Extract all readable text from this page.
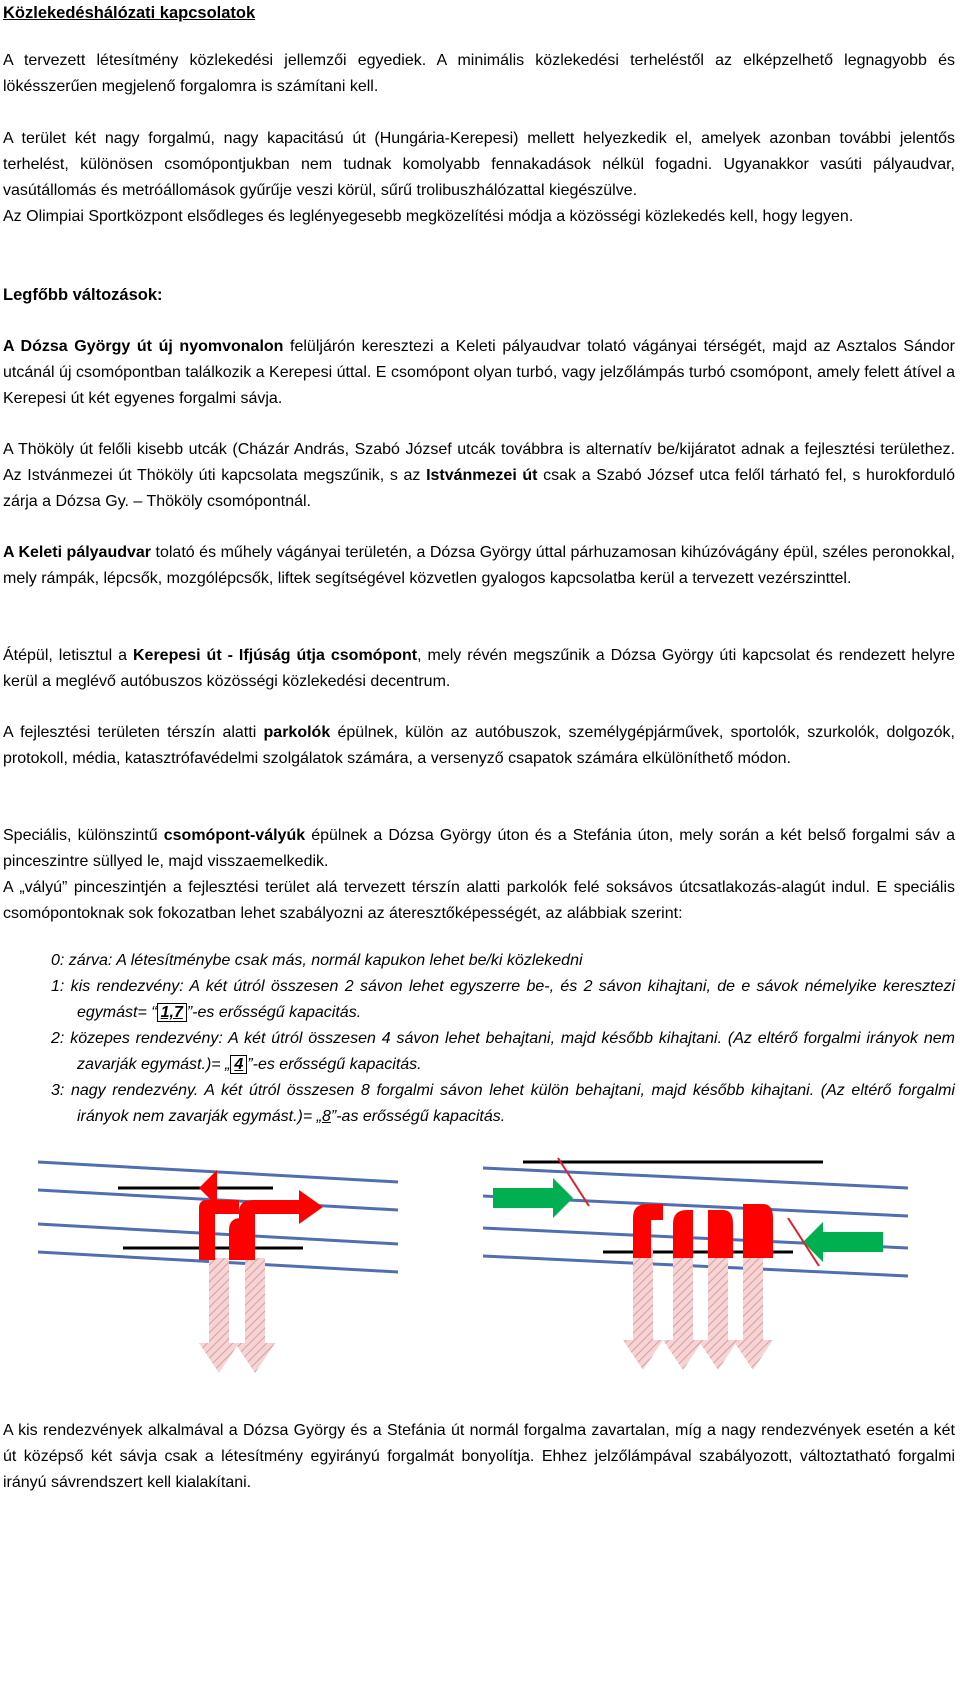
Közlekedéshálózati kapcsolatok

A tervezett létesítmény közlekedési jellemzői egyediek. A minimális közlekedési terheléstől az elképzelhető legnagyobb és lökésszerűen megjelenő forgalomra is számítani kell.

A terület két nagy forgalmú, nagy kapacitású út (Hungária-Kerepesi) mellett helyezkedik el, amelyek azonban további jelentős terhelést, különösen csomópontjukban nem tudnak komolyabb fennakadások nélkül fogadni. Ugyanakkor vasúti pályaudvar, vasútállomás és metróállomások gyűrűje veszi körül, sűrű trolibuszhálózattal kiegészülve.

Az Olimpiai Sportközpont elsődleges és leglényegesebb megközelítési módja a közösségi közlekedés kell, hogy legyen.

Legfőbb változások:

A Dózsa György út új nyomvonalon felüljárón keresztezi a Keleti pályaudvar tolató vágányai térségét, majd az Asztalos Sándor utcánál új csomópontban találkozik a Kerepesi úttal. E csomópont olyan turbó, vagy jelzőlámpás turbó csomópont, amely felett átível a Kerepesi út két egyenes forgalmi sávja.

A Thököly út felőli kisebb utcák (Cházár András, Szabó József utcák továbbra is alternatív be/kijáratot adnak a fejlesztési területhez. Az Istvánmezei út Thököly úti kapcsolata megszűnik, s az Istvánmezei út csak a Szabó József utca felől tárható fel, s hurokforduló zárja a Dózsa Gy. – Thököly csomópontnál.

A Keleti pályaudvar tolató és műhely vágányai területén, a Dózsa György úttal párhuzamosan kihúzóvágány épül, széles peronokkal, mely rámpák, lépcsők, mozgólépcsők, liftek segítségével közvetlen gyalogos kapcsolatba kerül a tervezett vezérszinttel.

Átépül, letisztul a Kerepesi út - Ifjúság útja csomópont, mely révén megszűnik a Dózsa György úti kapcsolat és rendezett helyre kerül a meglévő autóbuszos közösségi közlekedési decentrum.

A fejlesztési területen térszín alatti parkolók épülnek, külön az autóbuszok, személygépjárművek, sportolók, szurkolók, dolgozók, protokoll, média, katasztrófavédelmi szolgálatok számára, a versenyző csapatok számára elkülöníthető módon.

Speciális, különszintű csomópont-vályúk épülnek a Dózsa György úton és a Stefánia úton, mely során a két belső forgalmi sáv a pinceszintre süllyed le, majd visszaemelkedik.

A „vályú” pinceszintjén a fejlesztési terület alá tervezett térszín alatti parkolók felé soksávos útcsatlakozás-alagút indul. E speciális csomópontoknak sok fokozatban lehet szabályozni az áteresztőképességét, az alábbiak szerint:

0: zárva: A létesítménybe csak más, normál kapukon lehet be/ki közlekedni
1: kis rendezvény: A két útról összesen 2 sávon lehet egyszerre be-, és 2 sávon kihajtani, de e sávok némelyike keresztezi egymást= “ 1,7 ”-es erősségű kapacitás.
2: közepes rendezvény: A két útról összesen 4 sávon lehet behajtani, majd később kihajtani. (Az eltérő forgalmi irányok nem zavarják egymást.)= „ 4 ”-es erősségű kapacitás.
3: nagy rendezvény. A két útról összesen 8 forgalmi sávon lehet külön behajtani, majd később kihajtani. (Az eltérő forgalmi irányok nem zavarják egymást.)= „8”-as erősségű kapacitás.

A kis rendezvények alkalmával a Dózsa György és a Stefánia út normál forgalma zavartalan, míg a nagy rendezvények esetén a két út középső két sávja csak a létesítmény egyirányú forgalmát bonyolítja. Ehhez jelzőlámpával szabályozott, változtatható forgalmi irányú sávrendszert kell kialakítani.
